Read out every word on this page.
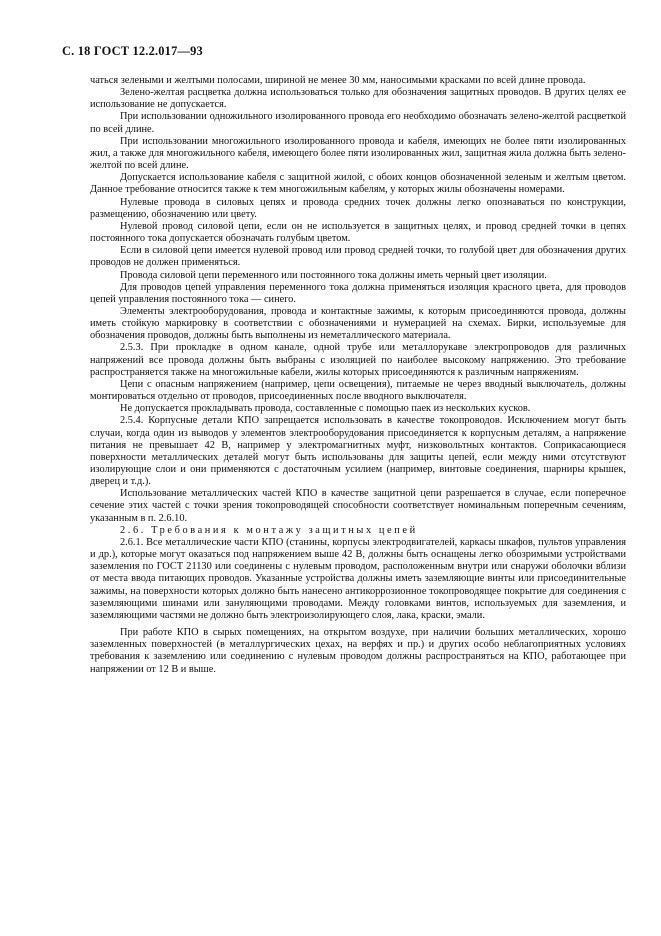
С. 18 ГОСТ 12.2.017—93

чаться зелеными и желтыми полосами, шириной не менее 30 мм, наносимыми красками по всей длине провода.

Зелено-желтая расцветка должна использоваться только для обозначения защитных проводов. В других целях ее использование не допускается.

При использовании одножильного изолированного провода его необходимо обозначать зелено-желтой расцветкой по всей длине.

При использовании многожильного изолированного провода и кабеля, имеющих не более пяти изолированных жил, а также для многожильного кабеля, имеющего более пяти изолированных жил, защитная жила должна быть зелено-желтой по всей длине.

Допускается использование кабеля с защитной жилой, с обоих концов обозначенной зеленым и желтым цветом. Данное требование относится также к тем многожильным кабелям, у которых жилы обозначены номерами.

Нулевые провода в силовых цепях и провода средних точек должны легко опознаваться по конструкции, размещению, обозначению или цвету.

Нулевой провод силовой цепи, если он не используется в защитных целях, и провод средней точки в цепях постоянного тока допускается обозначать голубым цветом.

Если в силовой цепи имеется нулевой провод или провод средней точки, то голубой цвет для обозначения других проводов не должен применяться.

Провода силовой цепи переменного или постоянного тока должны иметь черный цвет изоляции.

Для проводов цепей управления переменного тока должна применяться изоляция красного цвета, для проводов цепей управления постоянного тока — синего.

Элементы электрооборудования, провода и контактные зажимы, к которым присоединяются провода, должны иметь стойкую маркировку в соответствии с обозначениями и нумерацией на схемах. Бирки, используемые для обозначения проводов, должны быть выполнены из неметаллического материала.

2.5.3. При прокладке в одном канале, одной трубе или металлорукаве электропроводов для различных напряжений все провода должны быть выбраны с изоляцией по наиболее высокому напряжению. Это требование распространяется также на многожильные кабели, жилы которых присоединяются к различным напряжениям.

Цепи с опасным напряжением (например, цепи освещения), питаемые не через вводный выключатель, должны монтироваться отдельно от проводов, присоединенных после вводного выключателя.

Не допускается прокладывать провода, составленные с помощью паек из нескольких кусков.

2.5.4. Корпусные детали КПО запрещается использовать в качестве токопроводов. Исключением могут быть случаи, когда один из выводов у элементов электрооборудования присоединяется к корпусным деталям, а напряжение питания не превышает 42 В, например у электромагнитных муфт, низковольтных контактов. Соприкасающиеся поверхности металлических деталей могут быть использованы для защиты цепей, если между ними отсутствуют изолирующие слои и они применяются с достаточным усилием (например, винтовые соединения, шарниры крышек, дверец и т.д.).

Использование металлических частей КПО в качестве защитной цепи разрешается в случае, если поперечное сечение этих частей с точки зрения токопроводящей способности соответствует номинальным поперечным сечениям, указанным в п. 2.6.10.

2.6. Требования к монтажу защитных цепей

2.6.1. Все металлические части КПО (станины, корпусы электродвигателей, каркасы шкафов, пультов управления и др.), которые могут оказаться под напряжением выше 42 В, должны быть оснащены легко обозримыми устройствами заземления по ГОСТ 21130 или соединены с нулевым проводом, расположенным внутри или снаружи оболочки вблизи от места ввода питающих проводов. Указанные устройства должны иметь заземляющие винты или присоединительные зажимы, на поверхности которых должно быть нанесено антикоррозионное токопроводящее покрытие для соединения с заземляющими шинами или зануляющими проводами. Между головками винтов, используемых для заземления, и заземляющими частями не должно быть электроизолирующего слоя, лака, краски, эмали.

При работе КПО в сырых помещениях, на открытом воздухе, при наличии больших металлических, хорошо заземленных поверхностей (в металлургических цехах, на верфях и пр.) и других особо неблагоприятных условиях требования к заземлению или соединению с нулевым проводом должны распространяться на КПО, работающее при напряжении от 12 В и выше.
